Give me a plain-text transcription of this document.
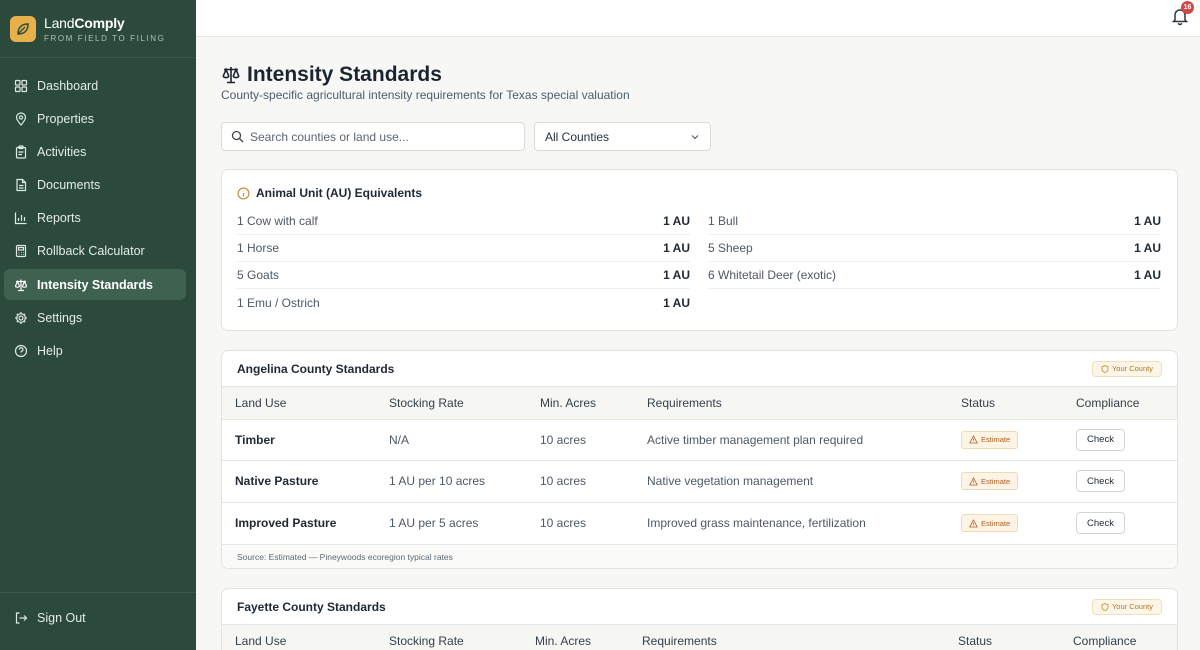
LandComply
FROM FIELD TO FILING
Dashboard
Properties
Activities
Documents
Reports
Rollback Calculator
Intensity Standards
Settings
Help
Sign Out
16
Intensity Standards

County-specific agricultural intensity requirements for Texas special valuation

Search counties or land use...
All Counties
Animal Unit (AU) Equivalents
1 Cow with calf	1 AU 1 Bull	1 AU
1 Horse	1 AU 5 Sheep	1 AU
5 Goats	1 AU 6 Whitetail Deer (exotic)	1 AU
1 Emu / Ostrich	1 AU
Angelina County Standards	Your County
Land Use	Stocking Rate	Min. Acres	Requirements	Status	Compliance
Timber	N/A	10 acres	Active timber management plan required	Estimate	Check
Native Pasture	1 AU per 10 acres	10 acres	Native vegetation management	Estimate	Check
Improved Pasture	1 AU per 5 acres	10 acres	Improved grass maintenance, fertilization	Estimate	Check
Source: Estimated — Pineywoods ecoregion typical rates
Fayette County Standards	Your County
Land Use	Stocking Rate	Min. Acres	Requirements	Status	Compliance
